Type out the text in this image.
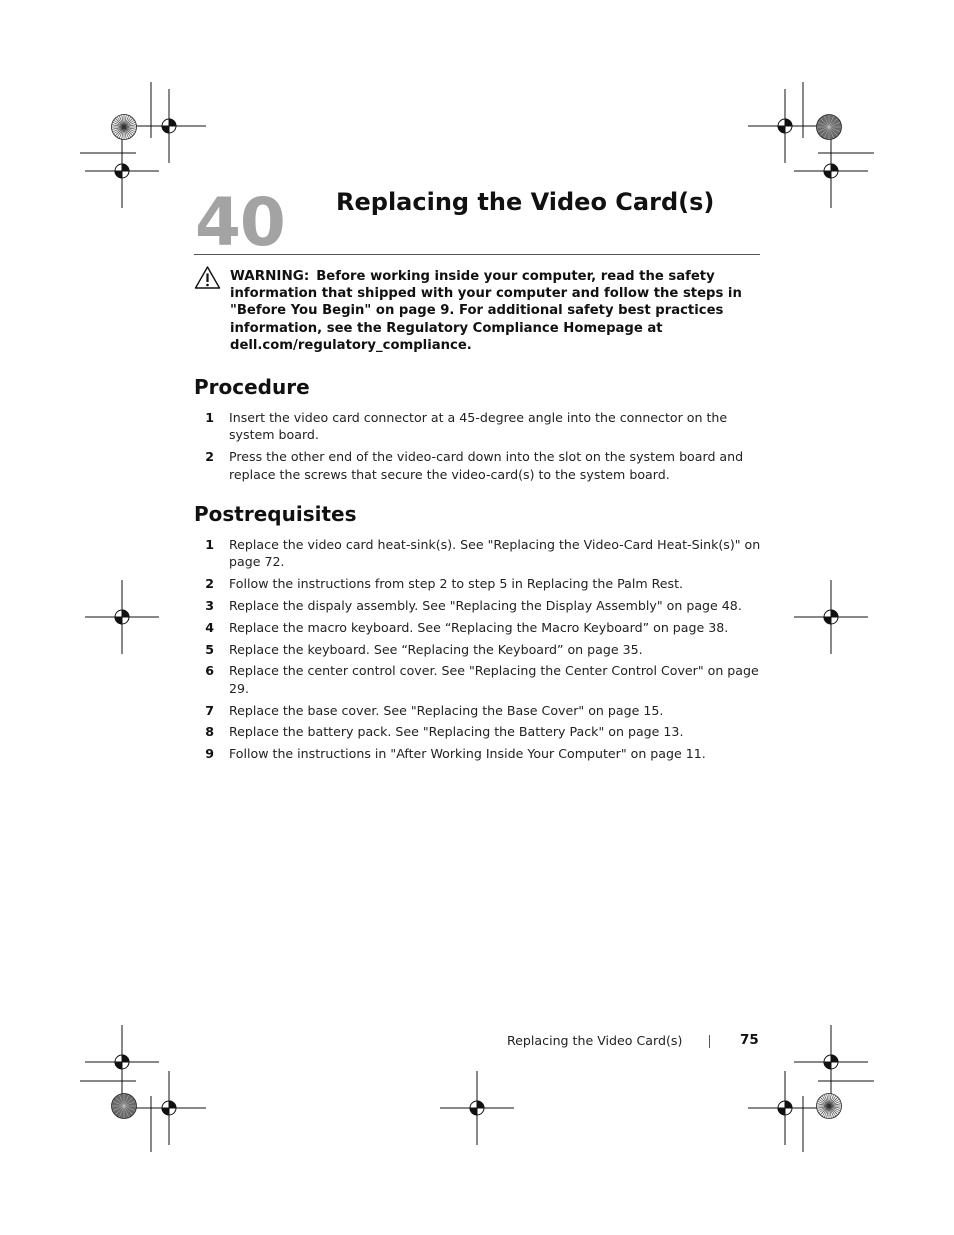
40 Replacing the Video Card(s)
WARNING: Before working inside your computer, read the safety information that shipped with your computer and follow the steps in "Before You Begin" on page 9. For additional safety best practices information, see the Regulatory Compliance Homepage at dell.com/regulatory_compliance.
Procedure
1 Insert the video card connector at a 45-degree angle into the connector on the system board.
2 Press the other end of the video-card down into the slot on the system board and replace the screws that secure the video-card(s) to the system board.
Postrequisites
1 Replace the video card heat-sink(s). See "Replacing the Video-Card Heat-Sink(s)" on page 72.
2 Follow the instructions from step 2 to step 5 in Replacing the Palm Rest.
3 Replace the dispaly assembly. See "Replacing the Display Assembly" on page 48.
4 Replace the macro keyboard. See “Replacing the Macro Keyboard” on page 38.
5 Replace the keyboard. See “Replacing the Keyboard” on page 35.
6 Replace the center control cover. See "Replacing the Center Control Cover" on page 29.
7 Replace the base cover. See "Replacing the Base Cover" on page 15.
8 Replace the battery pack. See "Replacing the Battery Pack" on page 13.
9 Follow the instructions in "After Working Inside Your Computer" on page 11.
Replacing the Video Card(s)	75
